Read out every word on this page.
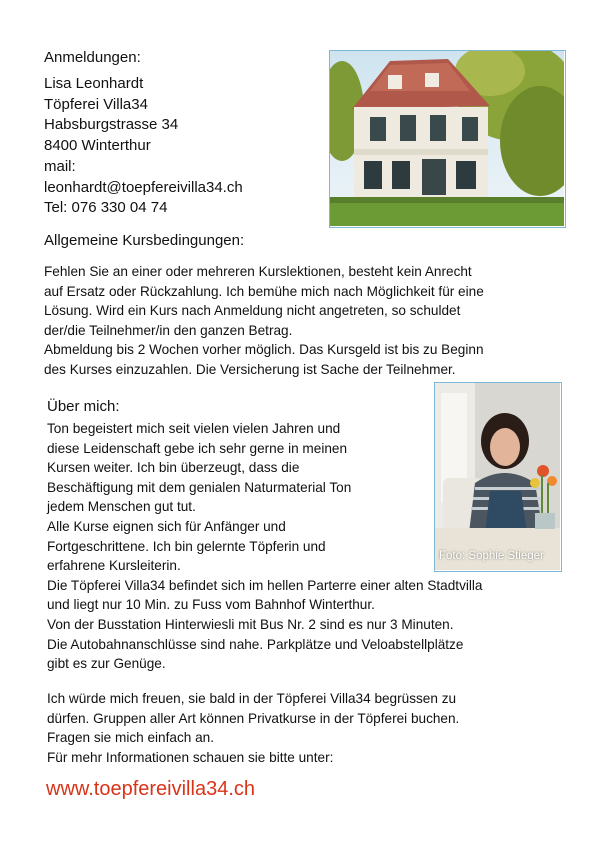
Anmeldungen:
Lisa Leonhardt
Töpferei Villa34
Habsburgstrasse 34
8400 Winterthur
mail:
leonhardt@toepfereivilla34.ch
Tel: 076 330 04 74
Allgemeine Kursbedingungen:
Fehlen Sie an einer oder mehreren Kurslektionen, besteht kein Anrecht
auf Ersatz oder Rückzahlung. Ich bemühe mich nach Möglichkeit für eine
Lösung. Wird ein Kurs nach Anmeldung nicht angetreten, so schuldet
der/die Teilnehmer/in den ganzen Betrag.
Abmeldung bis 2 Wochen vorher möglich. Das Kursgeld ist bis zu Beginn
des Kurses einzuzahlen. Die Versicherung ist Sache der Teilnehmer.
Über mich:
Ton begeistert mich seit vielen vielen Jahren und
diese Leidenschaft gebe ich sehr gerne in meinen
Kursen weiter. Ich bin überzeugt, dass die
Beschäftigung mit dem genialen Naturmaterial Ton
jedem Menschen gut tut.
Alle Kurse eignen sich für Anfänger und
Fortgeschrittene. Ich bin gelernte Töpferin und
erfahrene Kursleiterin.
Die Töpferei Villa34 befindet sich im hellen Parterre einer alten Stadtvilla
und liegt nur 10 Min. zu Fuss vom Bahnhof Winterthur.
Von der Busstation Hinterwiesli mit Bus Nr. 2 sind es nur 3 Minuten.
Die Autobahnanschlüsse sind nahe. Parkplätze und Veloabstellplätze
gibt es zur Genüge.
Foto: Sophie Stieger
Ich würde mich freuen, sie bald in der Töpferei Villa34 begrüssen zu
dürfen. Gruppen aller Art können Privatkurse in der Töpferei buchen.
Fragen sie mich einfach an.
Für mehr Informationen schauen sie bitte unter:
www.toepfereivilla34.ch
